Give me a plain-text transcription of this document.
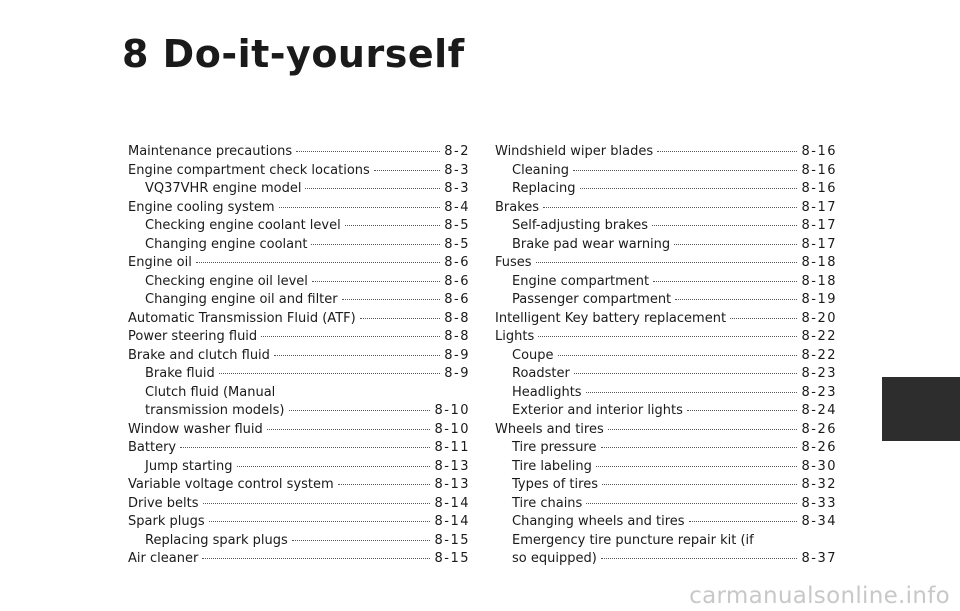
8 Do-it-yourself
Maintenance precautions	8-2
Engine compartment check locations	8-3
VQ37VHR engine model	8-3
Engine cooling system	8-4
Checking engine coolant level	8-5
Changing engine coolant	8-5
Engine oil	8-6
Checking engine oil level	8-6
Changing engine oil and filter	8-6
Automatic Transmission Fluid (ATF)	8-8
Power steering fluid	8-8
Brake and clutch fluid	8-9
Brake fluid	8-9
Clutch fluid (Manual
transmission models)	8-10
Window washer fluid	8-10
Battery	8-11
Jump starting	8-13
Variable voltage control system	8-13
Drive belts	8-14
Spark plugs	8-14
Replacing spark plugs	8-15
Air cleaner	8-15
Windshield wiper blades	8-16
Cleaning	8-16
Replacing	8-16
Brakes	8-17
Self-adjusting brakes	8-17
Brake pad wear warning	8-17
Fuses	8-18
Engine compartment	8-18
Passenger compartment	8-19
Intelligent Key battery replacement	8-20
Lights	8-22
Coupe	8-22
Roadster	8-23
Headlights	8-23
Exterior and interior lights	8-24
Wheels and tires	8-26
Tire pressure	8-26
Tire labeling	8-30
Types of tires	8-32
Tire chains	8-33
Changing wheels and tires	8-34
Emergency tire puncture repair kit (if
so equipped)	8-37
carmanualsonline.info
